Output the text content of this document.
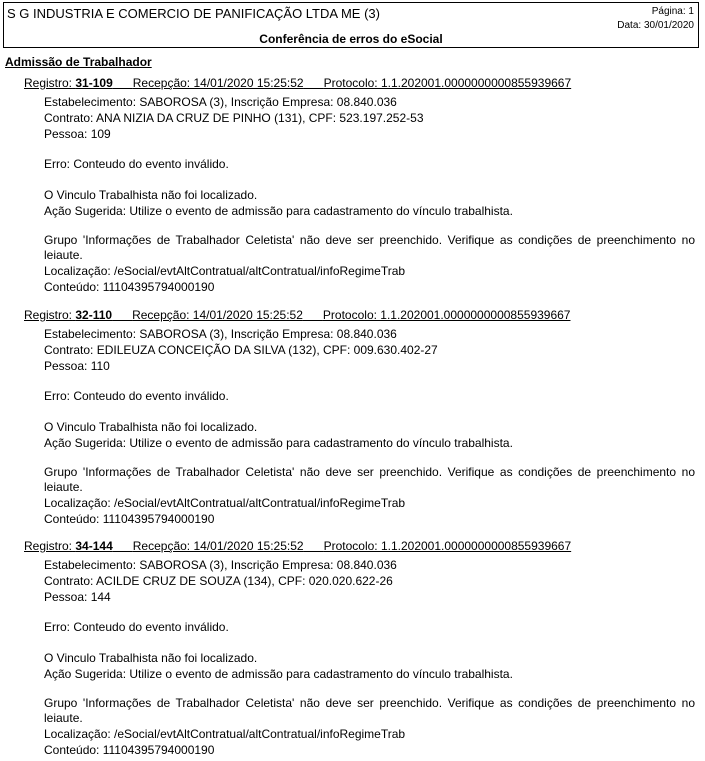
S G INDUSTRIA E COMERCIO DE PANIFICAÇÃO LTDA ME (3)	Página: 1
Data: 30/01/2020
Conferência de erros do eSocial
Admissão de Trabalhador
Registro: 31-109 Recepção: 14/01/2020 15:25:52 Protocolo: 1.1.202001.0000000000855939667
Estabelecimento: SABOROSA (3), Inscrição Empresa: 08.840.036
Contrato: ANA NIZIA DA CRUZ DE PINHO (131), CPF: 523.197.252-53
Pessoa: 109
Erro: Conteudo do evento inválido.
O Vinculo Trabalhista não foi localizado.
Ação Sugerida: Utilize o evento de admissão para cadastramento do vínculo trabalhista.
Grupo 'Informações de Trabalhador Celetista' não deve ser preenchido. Verifique as condições de preenchimento no leiaute.
Localização: /eSocial/evtAltContratual/altContratual/infoRegimeTrab
Conteúdo: 11104395794000190
Registro: 32-110 Recepção: 14/01/2020 15:25:52 Protocolo: 1.1.202001.0000000000855939667
Estabelecimento: SABOROSA (3), Inscrição Empresa: 08.840.036
Contrato: EDILEUZA CONCEIÇÃO DA SILVA (132), CPF: 009.630.402-27
Pessoa: 110
Erro: Conteudo do evento inválido.
O Vinculo Trabalhista não foi localizado.
Ação Sugerida: Utilize o evento de admissão para cadastramento do vínculo trabalhista.
Grupo 'Informações de Trabalhador Celetista' não deve ser preenchido. Verifique as condições de preenchimento no leiaute.
Localização: /eSocial/evtAltContratual/altContratual/infoRegimeTrab
Conteúdo: 11104395794000190
Registro: 34-144 Recepção: 14/01/2020 15:25:52 Protocolo: 1.1.202001.0000000000855939667
Estabelecimento: SABOROSA (3), Inscrição Empresa: 08.840.036
Contrato: ACILDE CRUZ DE SOUZA (134), CPF: 020.020.622-26
Pessoa: 144
Erro: Conteudo do evento inválido.
O Vinculo Trabalhista não foi localizado.
Ação Sugerida: Utilize o evento de admissão para cadastramento do vínculo trabalhista.
Grupo 'Informações de Trabalhador Celetista' não deve ser preenchido. Verifique as condições de preenchimento no leiaute.
Localização: /eSocial/evtAltContratual/altContratual/infoRegimeTrab
Conteúdo: 11104395794000190
